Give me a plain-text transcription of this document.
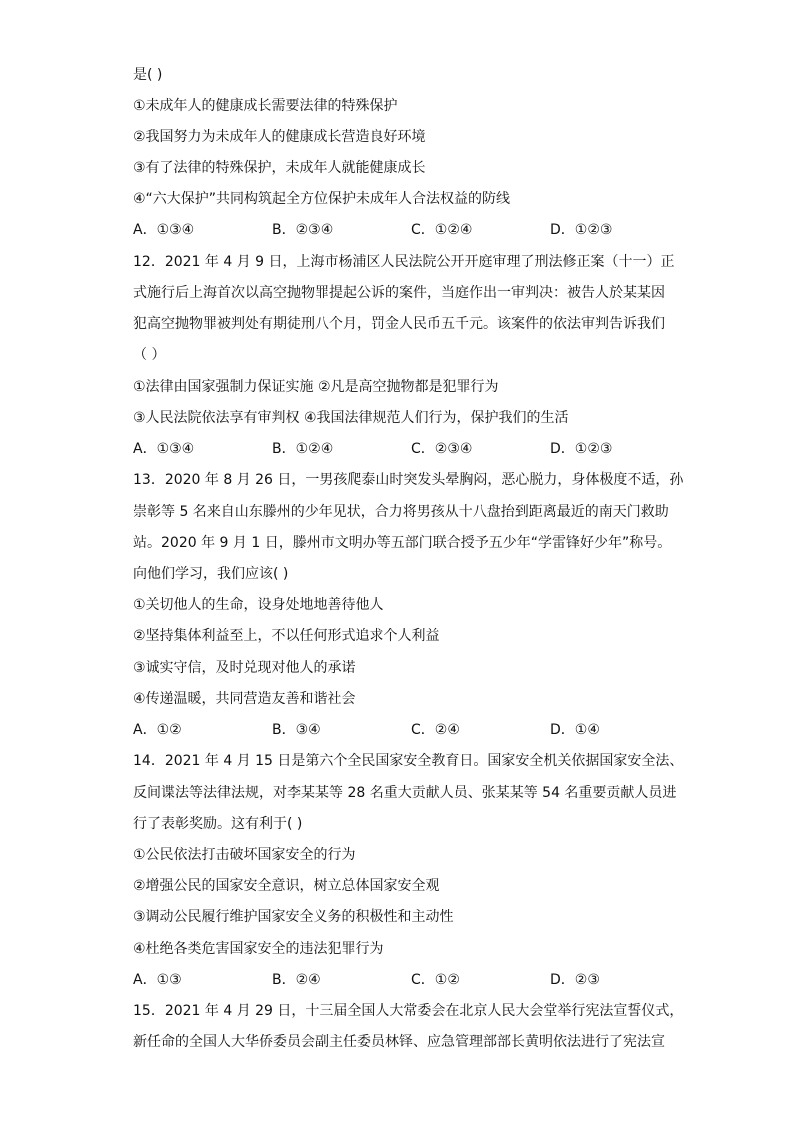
是( )
①未成年人的健康成长需要法律的特殊保护
②我国努力为未成年人的健康成长营造良好环境
③有了法律的特殊保护，未成年人就能健康成长
④“六大保护”共同构筑起全方位保护未成年人合法权益的防线
A．①③④	B．②③④	C．①②④	D．①②③
12．2021 年 4 月 9 日，上海市杨浦区人民法院公开开庭审理了刑法修正案（十一）正
式施行后上海首次以高空抛物罪提起公诉的案件，当庭作出一审判决：被告人於某某因
犯高空抛物罪被判处有期徒刑八个月，罚金人民币五千元。该案件的依法审判告诉我们
（ ）
①法律由国家强制力保证实施 ②凡是高空抛物都是犯罪行为
③人民法院依法享有审判权 ④我国法律规范人们行为，保护我们的生活
A．①③④	B．①②④	C．②③④	D．①②③
13．2020 年 8 月 26 日，一男孩爬泰山时突发头晕胸闷，恶心脱力，身体极度不适，孙
崇彰等 5 名来自山东滕州的少年见状，合力将男孩从十八盘抬到距离最近的南天门救助
站。2020 年 9 月 1 日，滕州市文明办等五部门联合授予五少年“学雷锋好少年”称号。
向他们学习，我们应该( )
①关切他人的生命，设身处地地善待他人
②坚持集体利益至上，不以任何形式追求个人利益
③诚实守信，及时兑现对他人的承诺
④传递温暖，共同营造友善和谐社会
A．①②	B．③④	C．②④	D．①④
14．2021 年 4 月 15 日是第六个全民国家安全教育日。国家安全机关依据国家安全法、
反间谍法等法律法规，对李某某等 28 名重大贡献人员、张某某等 54 名重要贡献人员进
行了表彰奖励。这有利于( )
①公民依法打击破坏国家安全的行为
②增强公民的国家安全意识，树立总体国家安全观
③调动公民履行维护国家安全义务的积极性和主动性
④杜绝各类危害国家安全的违法犯罪行为
A．①③	B．②④	C．①②	D．②③
15．2021 年 4 月 29 日，十三届全国人大常委会在北京人民大会堂举行宪法宣誓仪式，
新任命的全国人大华侨委员会副主任委员林铎、应急管理部部长黄明依法进行了宪法宣
